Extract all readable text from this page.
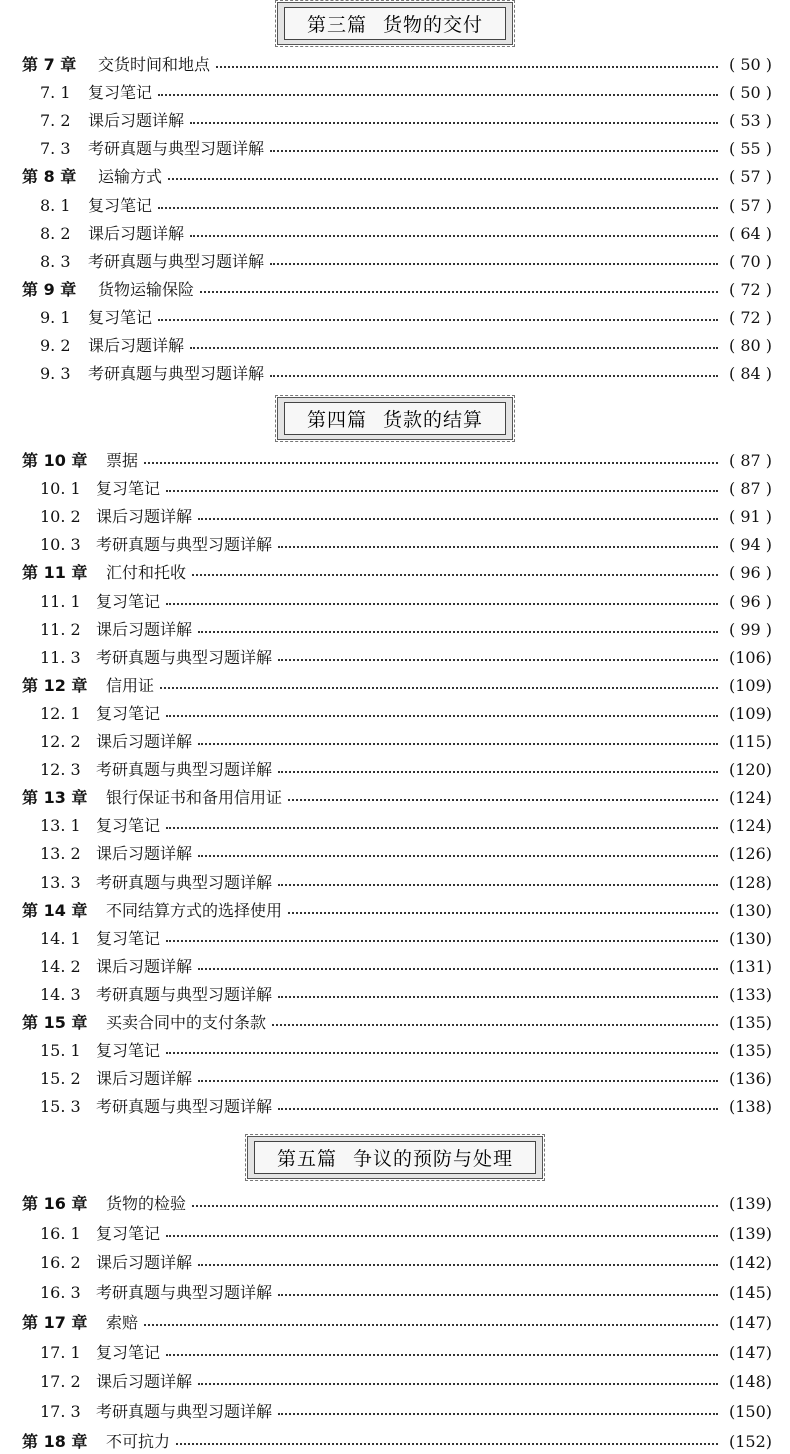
第三篇 货物的交付
第 7 章 交货时间和地点	( 50 )
7. 1 复习笔记	( 50 )
7. 2 课后习题详解	( 53 )
7. 3 考研真题与典型习题详解	( 55 )
第 8 章 运输方式	( 57 )
8. 1 复习笔记	( 57 )
8. 2 课后习题详解	( 64 )
8. 3 考研真题与典型习题详解	( 70 )
第 9 章 货物运输保险	( 72 )
9. 1 复习笔记	( 72 )
9. 2 课后习题详解	( 80 )
9. 3 考研真题与典型习题详解	( 84 )
第四篇 货款的结算
第 10 章 票据	( 87 )
10. 1 复习笔记	( 87 )
10. 2 课后习题详解	( 91 )
10. 3 考研真题与典型习题详解	( 94 )
第 11 章 汇付和托收	( 96 )
11. 1 复习笔记	( 96 )
11. 2 课后习题详解	( 99 )
11. 3 考研真题与典型习题详解	(106)
第 12 章 信用证	(109)
12. 1 复习笔记	(109)
12. 2 课后习题详解	(115)
12. 3 考研真题与典型习题详解	(120)
第 13 章 银行保证书和备用信用证	(124)
13. 1 复习笔记	(124)
13. 2 课后习题详解	(126)
13. 3 考研真题与典型习题详解	(128)
第 14 章 不同结算方式的选择使用	(130)
14. 1 复习笔记	(130)
14. 2 课后习题详解	(131)
14. 3 考研真题与典型习题详解	(133)
第 15 章 买卖合同中的支付条款	(135)
15. 1 复习笔记	(135)
15. 2 课后习题详解	(136)
15. 3 考研真题与典型习题详解	(138)
第五篇 争议的预防与处理
第 16 章 货物的检验	(139)
16. 1 复习笔记	(139)
16. 2 课后习题详解	(142)
16. 3 考研真题与典型习题详解	(145)
第 17 章 索赔	(147)
17. 1 复习笔记	(147)
17. 2 课后习题详解	(148)
17. 3 考研真题与典型习题详解	(150)
第 18 章 不可抗力	(152)
